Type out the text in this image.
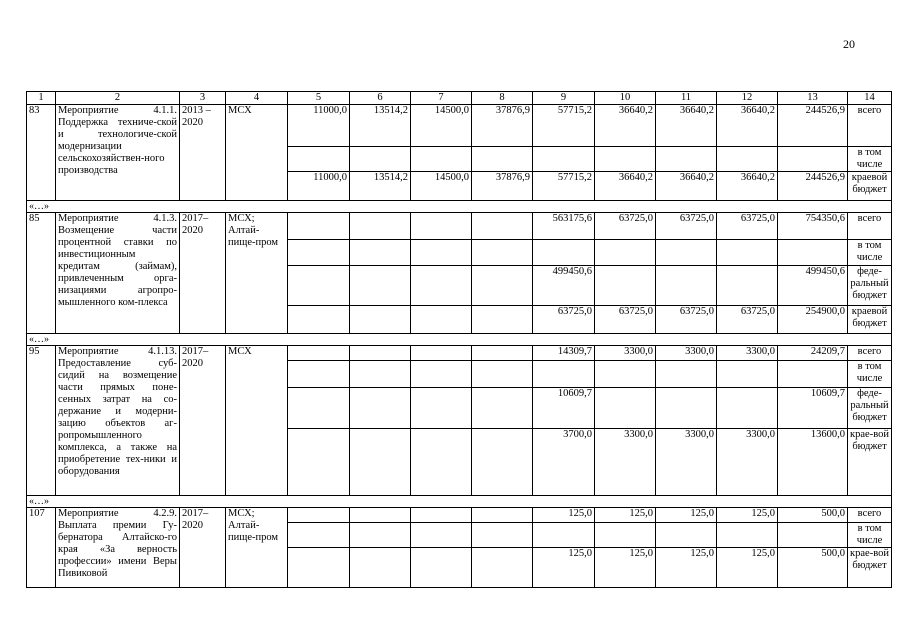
20
1	2	3	4	5	6	7	8	9	10	11	12	13	14
83	Мероприятие 4.1.1. Поддержка техниче-ской и технологиче-ской модернизации сельскохозяйствен-ного производства	2013 – 2020	МСХ	11000,0	13514,2	14500,0	37876,9	57715,2	36640,2	36640,2	36640,2	244526,9	всего
													в том числе
				11000,0	13514,2	14500,0	37876,9	57715,2	36640,2	36640,2	36640,2	244526,9	краевой бюджет
«…»													
85	Мероприятие 4.1.3. Возмещение части процентной ставки по инвестиционным кредитам (займам), привлеченным орга-низациями агропро-мышленного ком-плекса	2017– 2020	МСХ; Алтай-пище-пром					563175,6	63725,0	63725,0	63725,0	754350,6	всего
													в том числе
								499450,6				499450,6	феде-ральный бюджет
								63725,0	63725,0	63725,0	63725,0	254900,0	краевой бюджет
«…»													
95	Мероприятие 4.1.13. Предоставление суб-сидий на возмещение части прямых поне-сенных затрат на со-держание и модерни-зацию объектов аг-ропромышленного комплекса, а также на приобретение тех-ники и оборудования	2017– 2020	МСХ					14309,7	3300,0	3300,0	3300,0	24209,7	всего
													в том числе
								10609,7				10609,7	феде-ральный бюджет
								3700,0	3300,0	3300,0	3300,0	13600,0	крае-вой бюджет
«…»													
107	Мероприятие 4.2.9. Выплата премии Гу-бернатора Алтайско-го края «За верность профессии» имени Веры Пивиковой	2017– 2020	МСХ; Алтай-пище-пром					125,0	125,0	125,0	125,0	500,0	всего
													в том числе
								125,0	125,0	125,0	125,0	500,0	крае-вой бюджет
